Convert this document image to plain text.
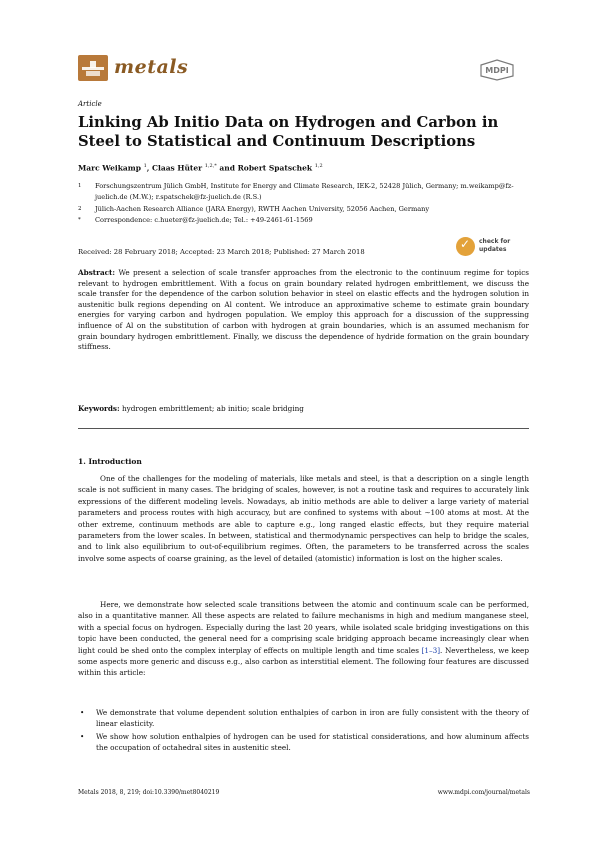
metals	MDPI
Article
Linking Ab Initio Data on Hydrogen and Carbon in Steel to Statistical and Continuum Descriptions
Marc Weikamp $^1$, Claas Hüter $^{1,2,*}$ and Robert Spatschek $^{1,2}$
1	Forschungszentrum Jülich GmbH, Institute for Energy and Climate Research, IEK-2, 52428 Jülich, Germany; m.weikamp@fz-juelich.de (M.W.); r.spatschek@fz-juelich.de (R.S.)
2	Jülich-Aachen Research Alliance (JARA Energy), RWTH Aachen University, 52056 Aachen, Germany
*	Correspondence: c.hueter@fz-juelich.de; Tel.: +49-2461-61-1569
Received: 28 February 2018; Accepted: 23 March 2018; Published: 27 March 2018
✓ check for
updates
Abstract: We present a selection of scale transfer approaches from the electronic to the continuum regime for topics relevant to hydrogen embrittlement. With a focus on grain boundary related hydrogen embrittlement, we discuss the scale transfer for the dependence of the carbon solution behavior in steel on elastic effects and the hydrogen solution in austenitic bulk regions depending on Al content. We introduce an approximative scheme to estimate grain boundary energies for varying carbon and hydrogen population. We employ this approach for a discussion of the suppressing influence of Al on the substitution of carbon with hydrogen at grain boundaries, which is an assumed mechanism for grain boundary hydrogen embrittlement. Finally, we discuss the dependence of hydride formation on the grain boundary stiffness.
Keywords: hydrogen embrittlement; ab initio; scale bridging
1. Introduction
One of the challenges for the modeling of materials, like metals and steel, is that a description on a single length scale is not sufficient in many cases. The bridging of scales, however, is not a routine task and requires to accurately link expressions of the different modeling levels. Nowadays, ab initio methods are able to deliver a large variety of material parameters and process routes with high accuracy, but are confined to systems with about ∼100 atoms at most. At the other extreme, continuum methods are able to capture e.g., long ranged elastic effects, but they require material parameters from the lower scales. In between, statistical and thermodynamic perspectives can help to bridge the scales, and to link also equilibrium to out-of-equilibrium regimes. Often, the parameters to be transferred across the scales involve some aspects of coarse graining, as the level of detailed (atomistic) information is lost on the higher scales.
Here, we demonstrate how selected scale transitions between the atomic and continuum scale can be performed, also in a quantitative manner. All these aspects are related to failure mechanisms in high and medium manganese steel, with a special focus on hydrogen. Especially during the last 20 years, while isolated scale bridging investigations on this topic have been conducted, the general need for a comprising scale bridging approach became increasingly clear when light could be shed onto the complex interplay of effects on multiple length and time scales [1–3]. Nevertheless, we keep some aspects more generic and discuss e.g., also carbon as interstitial element. The following four features are discussed within this article:
• We demonstrate that volume dependent solution enthalpies of carbon in iron are fully consistent with the theory of linear elasticity.
• We show how solution enthalpies of hydrogen can be used for statistical considerations, and how aluminum affects the occupation of octahedral sites in austenitic steel.
Metals 2018, 8, 219; doi:10.3390/met8040219	www.mdpi.com/journal/metals
